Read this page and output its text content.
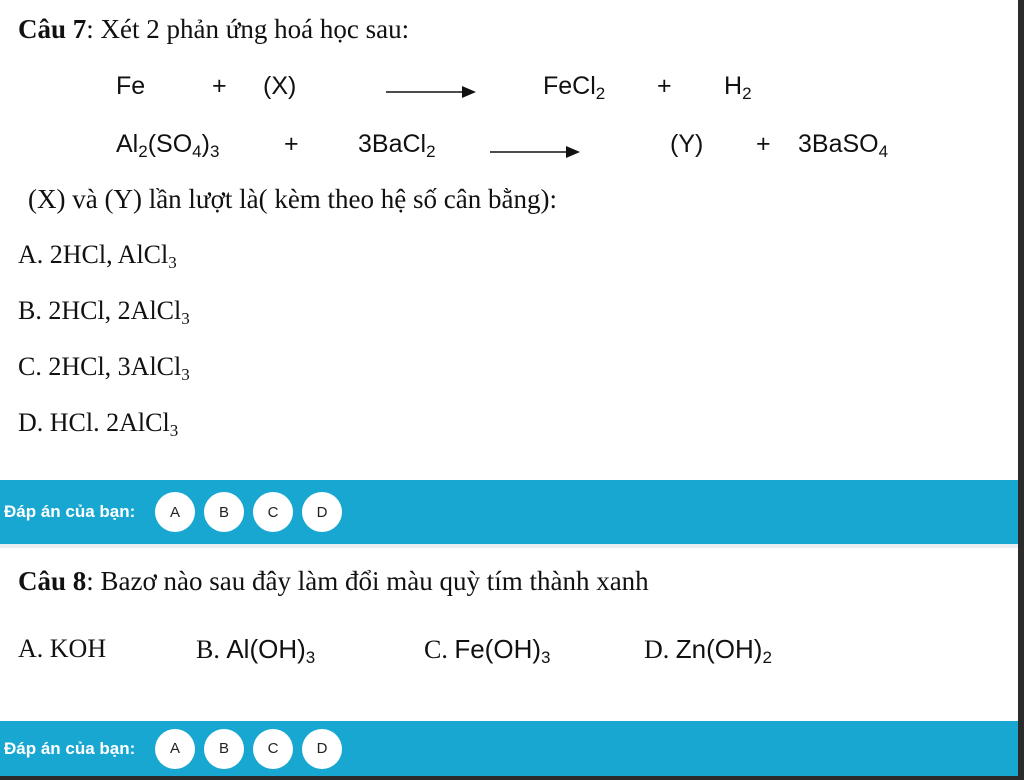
Câu 7: Xét 2 phản ứng hoá học sau:
Fe	+ (X)	FeCl$_2$ + $H_2$
$Al_2(SO_4)_3$	+ 3BaCl$_2$	(Y) + 3BaSO$_4$
(X) và (Y) lần lượt là( kèm theo hệ số cân bằng):
A. 2HCl, AlCl$_3$
B. 2HCl, 2AlCl$_3$
C. 2HCl, 3AlCl$_3$
D. HCl. 2AlCl$_3$
Đáp án của bạn:	A	B	C	D
Câu 8: Bazơ nào sau đây làm đổi màu quỳ tím thành xanh
A. KOH	B. $Al(OH)_3$	C. $Fe(OH)_3$	D. $Zn(OH)_2$
Đáp án của bạn:	A	B	C	D
